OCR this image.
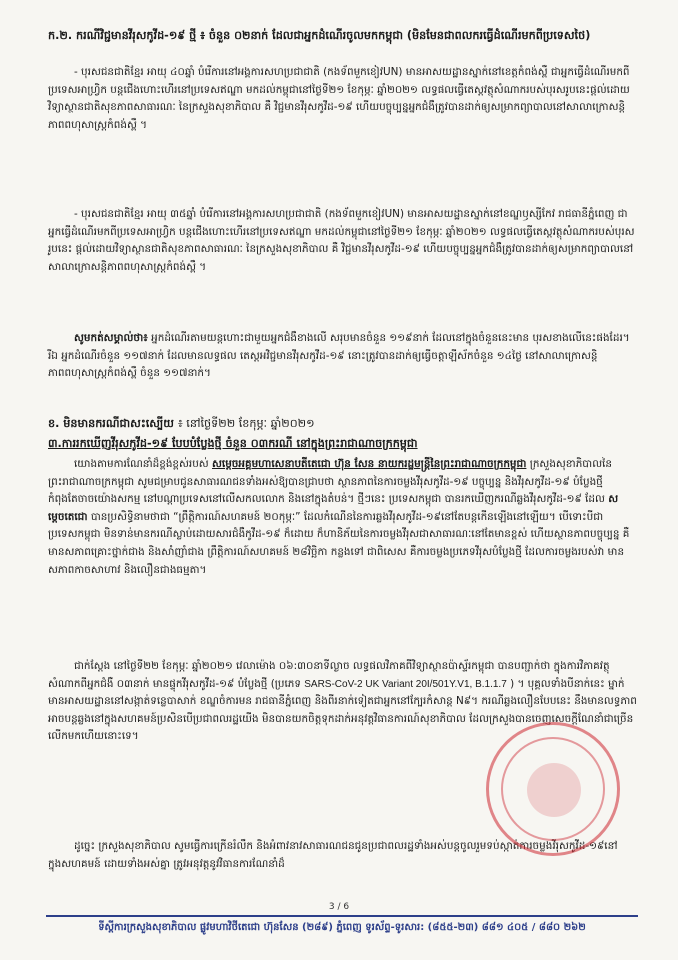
ក.២. ករណីវិជ្ជមានវីរុសកូវីដ-១៩ ថ្មី ៖ ចំនួន ០២នាក់ ដែលជាអ្នកដំណើរចូលមកកម្ពុជា (មិនមែនជាពលករធ្វើដំណើរមកពីប្រទេសថៃ)
- បុរសជនជាតិខ្មែរ អាយុ ៤០ឆ្នាំ បំរើការនៅអង្គការសហប្រជាជាតិ (កងទ័ពមួកខៀវUN) មានអាសយដ្ឋានស្នាក់នៅខេត្តកំពង់ស្ពឺ ជាអ្នកធ្វើដំណើរមកពីប្រទេសអាហ្វ្រិក បន្តជើងហោះហើរនៅប្រទេសឥណ្ឌា មកដល់កម្ពុជានៅថ្ងៃទី២១ ខែកុម្ភៈ ឆ្នាំ២០២១ លទ្ធផលធ្វើតេស្តវត្ថុសំណាករបស់បុរសរូបនេះផ្តល់ដោយវិទ្យាស្ថានជាតិសុខភាពសាធារណៈ នៃក្រសួងសុខាភិបាល គឺ វិជ្ជមានវីរុសកូវីដ-១៩ ហើយបច្ចុប្បន្នអ្នកជំងឺត្រូវបានដាក់ឲ្យសម្រាកព្យាបាលនៅសាលាក្រោសន្តិភាពពហុសាស្ត្រកំពង់ស្ពឺ ។
- បុរសជនជាតិខ្មែរ អាយុ ៣៥ឆ្នាំ បំរើការនៅអង្គការសហប្រជាជាតិ (កងទ័ពមួកខៀវUN) មានអាសយដ្ឋានស្នាក់នៅខណ្ឌឫស្សីកែវ រាជធានីភ្នំពេញ ជាអ្នកធ្វើដំណើរមកពីប្រទេសអាហ្វ្រិក បន្តជើងហោះហើរនៅប្រទេសឥណ្ឌា មកដល់កម្ពុជានៅថ្ងៃទី២១ ខែកុម្ភៈ ឆ្នាំ២០២១ លទ្ធផលធ្វើតេស្តវត្ថុសំណាករបស់បុរសរូបនេះ ផ្តល់ដោយវិទ្យាស្ថានជាតិសុខភាពសាធារណៈ នៃក្រសួងសុខាភិបាល គឺ វិជ្ជមានវីរុសកូវីដ-១៩ ហើយបច្ចុប្បន្នអ្នកជំងឺត្រូវបានដាក់ឲ្យសម្រាកព្យាបាលនៅ សាលាក្រោសន្តិភាពពហុសាស្ត្រកំពង់ស្ពឺ ។
សូមកត់សម្គាល់ថា៖ អ្នកដំណើរតាមយន្តហោះជាមួយអ្នកជំងឺខាងលើ សរុបមានចំនួន ១១៩នាក់ ដែលនៅក្នុងចំនួននេះមាន បុរសខាងលើនេះផងដែរ។ រីឯ អ្នកដំណើរចំនួន ១១៧នាក់ ដែលមានលទ្ធផល តេស្តអវិជ្ជមានវីរុសកូវីដ-១៩ នោះត្រូវបានដាក់ឲ្យធ្វើចត្តាឡីស័កចំនួន ១៤ថ្ងៃ នៅសាលាក្រោសន្តិភាពពហុសាស្ត្រកំពង់ស្ពឺ ចំនួន ១១៧នាក់។
ខ. មិនមានករណីជាសះស្បើយ ៖ នៅថ្ងៃទី២២ ខែកុម្ភៈ ឆ្នាំ២០២១
៣.ការរកឃើញវីរុសកូវីដ-១៩ បែបបំប្លែងថ្មី ចំនួន ០៣ករណី នៅក្នុងព្រះរាជាណាចក្រកម្ពុជា
យោងតាមការណែនាំដ៏ខ្ពង់ខ្ពស់របស់ សម្តេចអគ្គមហាសេនាបតីតេជោ ហ៊ុន សែន នាយករដ្ឋមន្ត្រីនៃព្រះរាជាណាចក្រកម្ពុជា ក្រសួងសុខាភិបាលនៃព្រះរាជាណាចក្រកម្ពុជា សូមជម្រាបជូនសាធារណជនទាំងអស់ឱ្យបានជ្រាបថា ស្ថានភាពនៃការចម្លងវីរុសកូវីដ-១៩ បច្ចុប្បន្ន និងវីរុសកូវីដ-១៩ បំប្លែងថ្មី កំពុងតែចាចយ៉ោងសកម្ម នៅបណ្តាប្រទេសនៅលើសកលលោក និងនៅក្នុងតំបន់។ ថ្មីៗនេះ ប្រទេសកម្ពុជា បានរកឃើញករណីឆ្លងវីរុសកូវីដ-១៩ ដែល សម្តេចតេជោ បានប្រសិទ្ធិនាមថាជា “ព្រឹត្តិការណ៍សហគមន៍ ២០កុម្ភៈ” ដែលកំណើននៃការឆ្លងវីរុសកូវីដ-១៩នៅតែបន្តកើនឡើងនៅឡើយ។ បើទោះបីជាប្រទេសកម្ពុជា មិនទាន់មានករណីស្លាប់ដោយសារជំងឺកូវីដ-១៩ ក៏ដោយ ក៏ហានិភ័យនៃការចម្លងវីរុសជាសាធារណៈនៅតែមានខ្ពស់ ហើយស្ថានភាពបច្ចុប្បន្ន គឺមានសភាពគ្រោះថ្នាក់ជាង និងសាំញាំជាង ព្រឹត្តិការណ៍សហគមន៍ ២៨វិច្ឆិកា កន្លងទៅ ជាពិសេស គឺការចម្លងប្រភេទវីរុសបំប្លែងថ្មី ដែលការចម្លងរបស់វា មានសភាពកាចសាហាវ និងលឿនជាងធម្មតា។
ជាក់ស្តែង នៅថ្ងៃទី២២ ខែកុម្ភៈ ឆ្នាំ២០២១ វេលាម៉ោង ០៦:៣០នាទីល្ងាច លទ្ធផលវិភាគពីវិទ្យាស្ថានប៉ាស្ទ័រកម្ពុជា បានបញ្ជាក់ថា ក្នុងការវិភាគវត្ថុសំណាកពីអ្នកជំងឺ ០៣នាក់ មានផ្ទុកវីរុសកូវីដ-១៩ បំប្លែងថ្មី (ប្រភេទ SARS-CoV-2 UK Variant 20I/501Y.V1, B.1.1.7 ) ។ បុគ្គលទាំងបីនាក់នេះ ម្នាក់មានអាសយដ្ឋាននៅសង្កាត់ទន្លេបាសាក់ ខណ្ឌចំការមន រាជធានីភ្នំពេញ និងពីរនាក់ទៀតជាអ្នកនៅក្បែរកំសាន្ត N៩។ ករណីឆ្លងលឿនបែបនេះ នឹងមានលទ្ធភាពអាចបន្តឆ្លងនៅក្នុងសហគមន៍ប្រសិនបើប្រជាពលរដ្ឋយើង មិនបានយកចិត្តទុកដាក់អនុវត្តវិធានការណ៍សុខាភិបាល ដែលក្រសួងបានចេញសេចក្តីណែនាំជាច្រើនលើកមកហើយនោះទេ។
ដូច្នេះ ក្រសួងសុខាភិបាល សូមធ្វើការក្រើនរំលឹក និងអំពាវនាវសាធារណជនជូនប្រជាពលរដ្ឋទាំងអស់បន្តចូលរួមទប់ស្កាត់ការចម្លងវីរុសកូវីដ-១៩នៅក្នុងសហគមន៍ ដោយទាំងអស់គ្នា ត្រូវអនុវត្តនូវវិធានការណែនាំដ៏
3 / 6
ទីស្តីការក្រសួងសុខាភិបាល ផ្លូវមហាវិថីតេជោ ហ៊ុនសែន (២៨៩) ភ្នំពេញ ទូរស័ព្ទ-ទូរសារ: (៨៥៥-២៣) ៨៨១ ៤០៥ / ៨៨០ ២៦២
